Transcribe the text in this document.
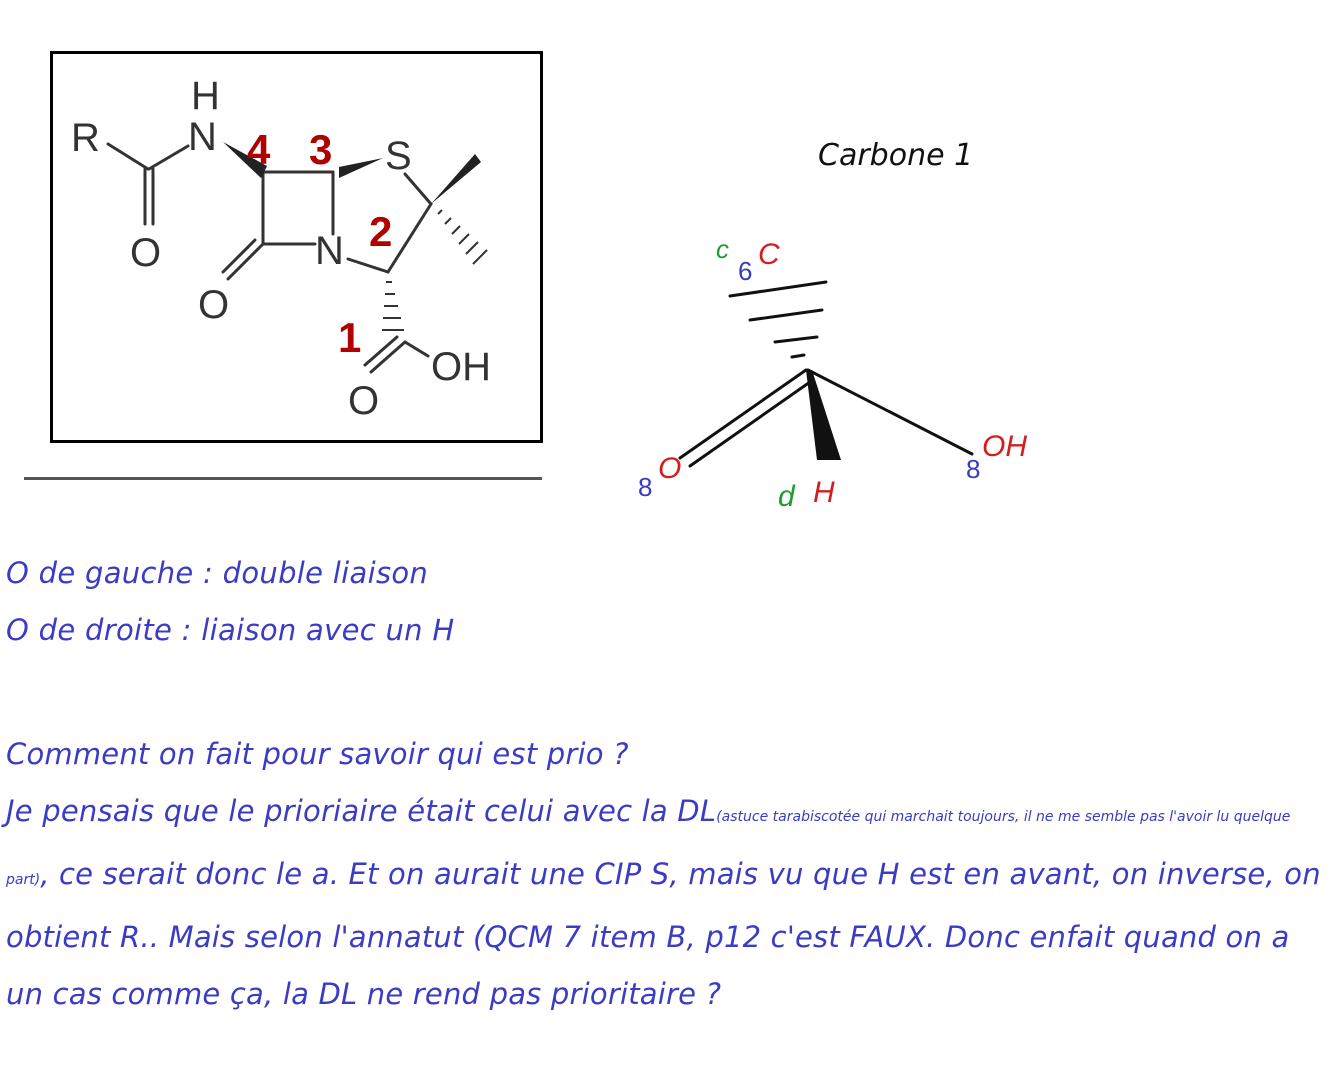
R
H
N
O
S
N
O
O
OH
4 3
2
1
Carbone 1
c
6 C
8
O
d H
8
OH
O de gauche : double liaison
O de droite : liaison avec un H
Comment on fait pour savoir qui est prio ?
Je pensais que le prioriaire était celui avec la DL(astuce tarabiscotée qui marchait toujours, il ne me semble pas l'avoir lu quelque part), ce serait donc le a. Et on aurait une CIP S, mais vu que H est en avant, on inverse, on obtient R.. Mais selon l'annatut (QCM 7 item B, p12 c'est FAUX. Donc enfait quand on a un cas comme ça, la DL ne rend pas prioritaire ?
